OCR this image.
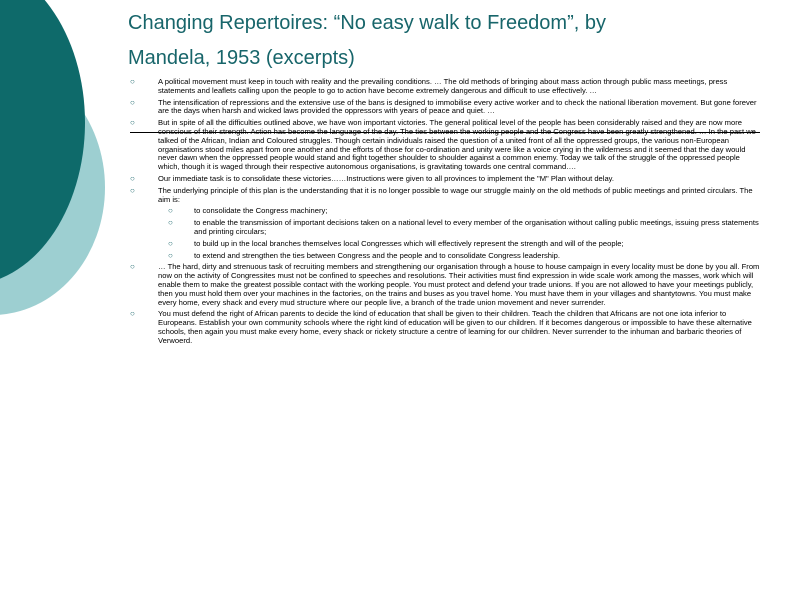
Changing Repertoires: “No easy walk to Freedom”, by
Mandela, 1953 (excerpts)
○	A political movement must keep in touch with reality and the prevailing conditions. … The old methods of bringing about mass action through public mass meetings, press statements and leaflets calling upon the people to go to action have become extremely dangerous and difficult to use effectively. …
○	The intensification of repressions and the extensive use of the bans is designed to immobilise every active worker and to check the national liberation movement. But gone forever are the days when harsh and wicked laws provided the oppressors with years of peace and quiet. …
○	But in spite of all the difficulties outlined above, we have won important victories. The general political level of the people has been considerably raised and they are now more conscious of their strength. Action has become the language of the day. The ties between the working people and the Congress have been greatly strengthened. … In the past we talked of the African, Indian and Coloured struggles. Though certain individuals raised the question of a united front of all the oppressed groups, the various non-European organisations stood miles apart from one another and the efforts of those for co-ordination and unity were like a voice crying in the wilderness and it seemed that the day would never dawn when the oppressed people would stand and fight together shoulder to shoulder against a common enemy. Today we talk of the struggle of the oppressed people which, though it is waged through their respective autonomous organisations, is gravitating towards one central command….
○	Our immediate task is to consolidate these victories……Instructions were given to all provinces to implement the "M" Plan without delay.
○	The underlying principle of this plan is the understanding that it is no longer possible to wage our struggle mainly on the old methods of public meetings and printed circulars. The aim is:
○	to consolidate the Congress machinery;
○	to enable the transmission of important decisions taken on a national level to every member of the organisation without calling public meetings, issuing press statements and printing circulars;
○	to build up in the local branches themselves local Congresses which will effectively represent the strength and will of the people;
○	to extend and strengthen the ties between Congress and the people and to consolidate Congress leadership.
○	… The hard, dirty and strenuous task of recruiting members and strengthening our organisation through a house to house campaign in every locality must be done by you all. From now on the activity of Congressites must not be confined to speeches and resolutions. Their activities must find expression in wide scale work among the masses, work which will enable them to make the greatest possible contact with the working people. You must protect and defend your trade unions. If you are not allowed to have your meetings publicly, then you must hold them over your machines in the factories, on the trains and buses as you travel home. You must have them in your villages and shantytowns. You must make every home, every shack and every mud structure where our people live, a branch of the trade union movement and never surrender.
○	You must defend the right of African parents to decide the kind of education that shall be given to their children. Teach the children that Africans are not one iota inferior to Europeans. Establish your own community schools where the right kind of education will be given to our children. If it becomes dangerous or impossible to have these alternative schools, then again you must make every home, every shack or rickety structure a centre of learning for our children. Never surrender to the inhuman and barbaric theories of Verwoerd.
